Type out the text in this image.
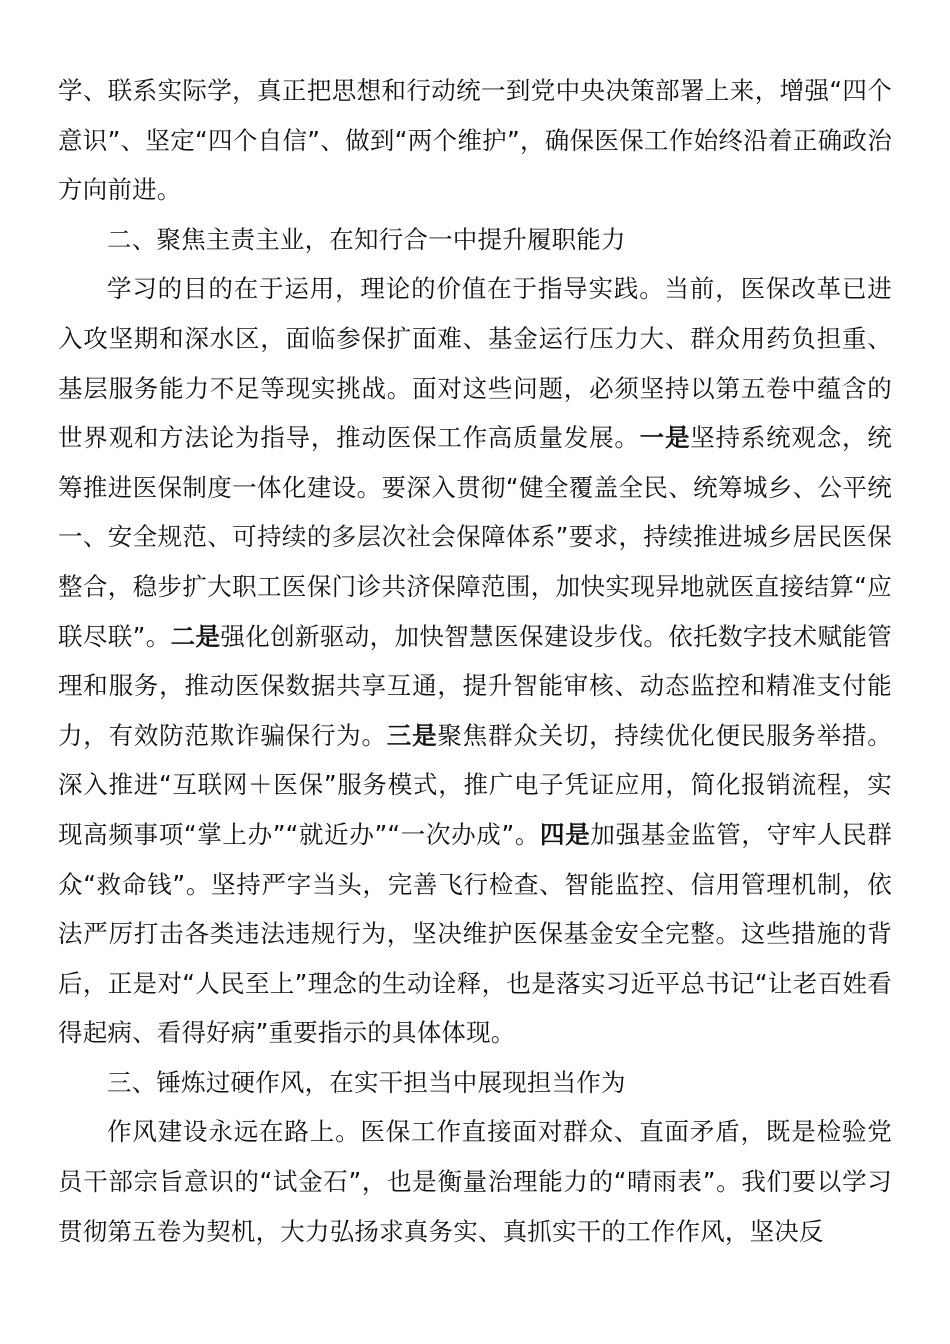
学、联系实际学，真正把思想和行动统一到党中央决策部署上来，增强“四个意识”、坚定“四个自信”、做到“两个维护”，确保医保工作始终沿着正确政治方向前进。

二、聚焦主责主业，在知行合一中提升履职能力

学习的目的在于运用，理论的价值在于指导实践。当前，医保改革已进入攻坚期和深水区，面临参保扩面难、基金运行压力大、群众用药负担重、基层服务能力不足等现实挑战。面对这些问题，必须坚持以第五卷中蕴含的世界观和方法论为指导，推动医保工作高质量发展。一是坚持系统观念，统筹推进医保制度一体化建设。要深入贯彻“健全覆盖全民、统筹城乡、公平统一、安全规范、可持续的多层次社会保障体系”要求，持续推进城乡居民医保整合，稳步扩大职工医保门诊共济保障范围，加快实现异地就医直接结算“应联尽联”。二是强化创新驱动，加快智慧医保建设步伐。依托数字技术赋能管理和服务，推动医保数据共享互通，提升智能审核、动态监控和精准支付能力，有效防范欺诈骗保行为。三是聚焦群众关切，持续优化便民服务举措。深入推进“互联网＋医保”服务模式，推广电子凭证应用，简化报销流程，实现高频事项“掌上办”“就近办”“一次办成”。四是加强基金监管，守牢人民群众“救命钱”。坚持严字当头，完善飞行检查、智能监控、信用管理机制，依法严厉打击各类违法违规行为，坚决维护医保基金安全完整。这些措施的背后，正是对“人民至上”理念的生动诠释，也是落实习近平总书记“让老百姓看得起病、看得好病”重要指示的具体体现。

三、锤炼过硬作风，在实干担当中展现担当作为

作风建设永远在路上。医保工作直接面对群众、直面矛盾，既是检验党员干部宗旨意识的“试金石”，也是衡量治理能力的“晴雨表”。我们要以学习贯彻第五卷为契机，大力弘扬求真务实、真抓实干的工作作风，坚决反
